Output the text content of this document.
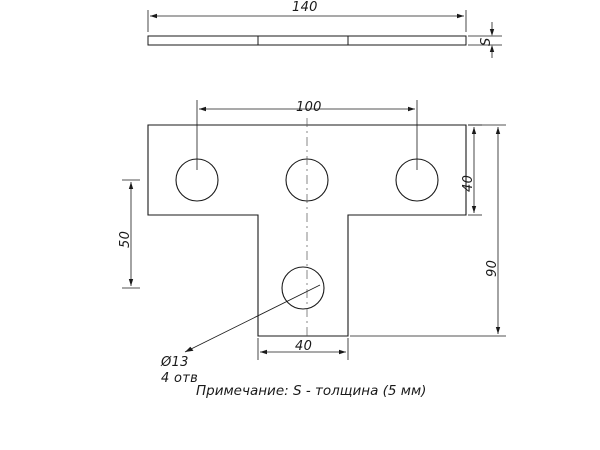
140
S
100
40
90
50
40
Ø13
4 отв
Примечание: S - толщина (5 мм)
